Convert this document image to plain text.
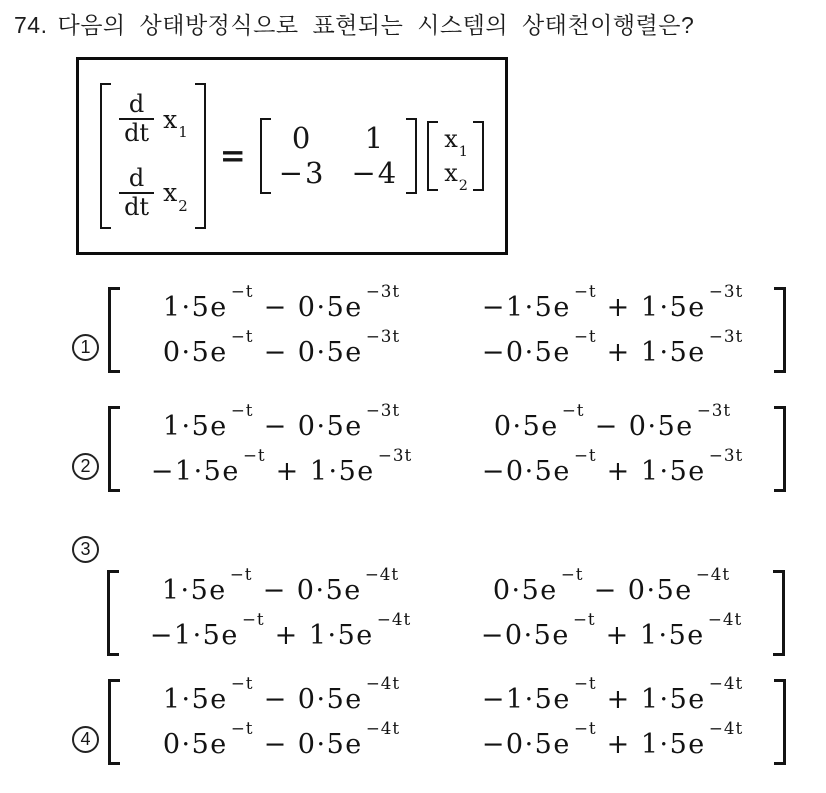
74. 다음의 상태방정식으로 표현되는 시스템의 상태천이행렬은?
$\frac{d}{dt} x_1$
$\frac{d}{dt} x_2$
=
0 1
−3 −4
$x_1$
$x_2$
1
$1\cdot 5e^{-t} - 0\cdot 5e^{-3t}$
$-1\cdot 5e^{-t} + 1\cdot 5e^{-3t}$
$0\cdot 5e^{-t} - 0\cdot 5e^{-3t}$
$-0\cdot 5e^{-t} + 1\cdot 5e^{-3t}$
2
$1\cdot 5e^{-t} - 0\cdot 5e^{-3t}$
$0\cdot 5e^{-t} - 0\cdot 5e^{-3t}$
$-1\cdot 5e^{-t} + 1\cdot 5e^{-3t}$
$-0\cdot 5e^{-t} + 1\cdot 5e^{-3t}$
3
$1\cdot 5e^{-t} - 0\cdot 5e^{-4t}$
$0\cdot 5e^{-t} - 0\cdot 5e^{-4t}$
$-1\cdot 5e^{-t} + 1\cdot 5e^{-4t}$
$-0\cdot 5e^{-t} + 1\cdot 5e^{-4t}$
4
$1\cdot 5e^{-t} - 0\cdot 5e^{-4t}$
$-1\cdot 5e^{-t} + 1\cdot 5e^{-4t}$
$0\cdot 5e^{-t} - 0\cdot 5e^{-4t}$
$-0\cdot 5e^{-t} + 1\cdot 5e^{-4t}$
